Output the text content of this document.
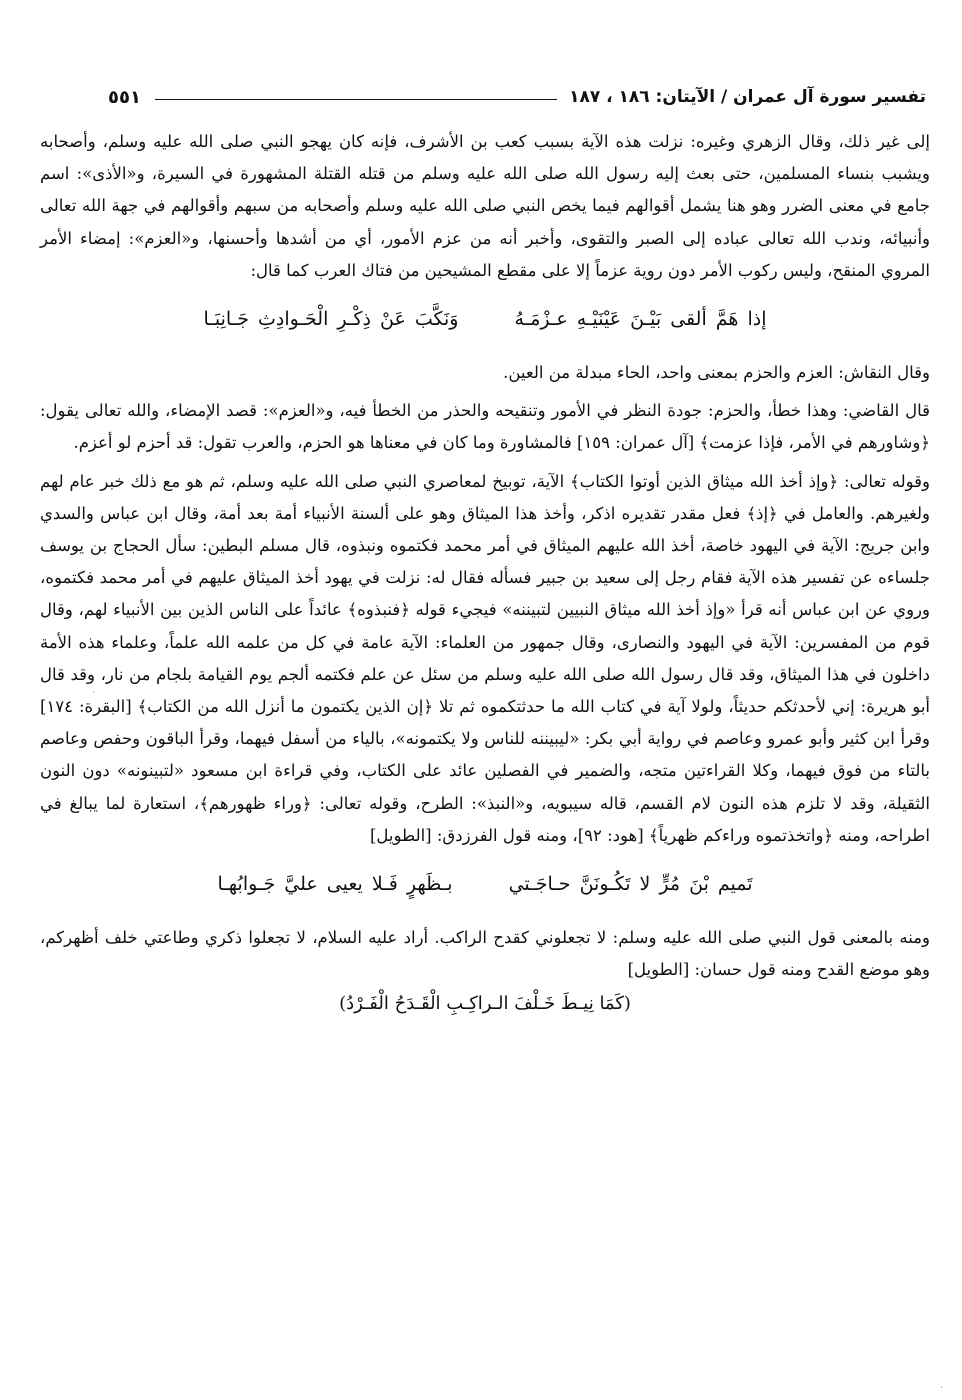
تفسير سورة آل عمران / الآيتان: ١٨٦ ، ١٨٧
٥٥١

إلى غير ذلك، وقال الزهري وغيره: نزلت هذه الآية بسبب كعب بن الأشرف، فإنه كان يهجو النبي صلى الله عليه وسلم، وأصحابه ويشبب بنساء المسلمين، حتى بعث إليه رسول الله صلى الله عليه وسلم من قتله القتلة المشهورة في السيرة، و«الأذى»: اسم جامع في معنى الضرر وهو هنا يشمل أقوالهم فيما يخص النبي صلى الله عليه وسلم وأصحابه من سبهم وأقوالهم في جهة الله تعالى وأنبيائه، وندب الله تعالى عباده إلى الصبر والتقوى، وأخبر أنه من عزم الأمور، أي من أشدها وأحسنها، و«العزم»: إمضاء الأمر المروي المنقح، وليس ركوب الأمر دون روية عزماً إلا على مقطع المشيحين من فتاك العرب كما قال:

إذا هَمَّ ألقى بَيْـنَ عَيْنَيْـهِ عـزْمَـهُوَنَكَّبَ عَنْ ذِكْـرِ الْحَـوادِثِ جَـانِبَـا

وقال النقاش: العزم والحزم بمعنى واحد، الحاء مبدلة من العين.

قال القاضي: وهذا خطأ، والحزم: جودة النظر في الأمور وتنقيحه والحذر من الخطأ فيه، و«العزم»: قصد الإمضاء، والله تعالى يقول: ﴿وشاورهم في الأمر، فإذا عزمت﴾ [آل عمران: ١٥٩] فالمشاورة وما كان في معناها هو الحزم، والعرب تقول: قد أحزم لو أعزم.

وقوله تعالى: ﴿وإذ أخذ الله ميثاق الذين أوتوا الكتاب﴾ الآية، توبيخ لمعاصري النبي صلى الله عليه وسلم، ثم هو مع ذلك خبر عام لهم ولغيرهم. والعامل في ﴿إذ﴾ فعل مقدر تقديره اذكر، وأخذ هذا الميثاق وهو على ألسنة الأنبياء أمة بعد أمة، وقال ابن عباس والسدي وابن جريج: الآية في اليهود خاصة، أخذ الله عليهم الميثاق في أمر محمد فكتموه ونبذوه، قال مسلم البطين: سأل الحجاج بن يوسف جلساءه عن تفسير هذه الآية فقام رجل إلى سعيد بن جبير فسأله فقال له: نزلت في يهود أخذ الميثاق عليهم في أمر محمد فكتموه، وروي عن ابن عباس أنه قرأ «وإذ أخذ الله ميثاق النبيين لتبيننه» فيجيء قوله ﴿فنبذوه﴾ عائداً على الناس الذين بين الأنبياء لهم، وقال قوم من المفسرين: الآية في اليهود والنصارى، وقال جمهور من العلماء: الآية عامة في كل من علمه الله علماً، وعلماء هذه الأمة داخلون في هذا الميثاق، وقد قال رسول الله صلى الله عليه وسلم من سئل عن علم فكتمه ألجم يوم القيامة بلجام من نار، وقد قال أبو هريرة: إني لأحدثكم حديثاً، ولولا آية في كتاب الله ما حدثتكموه ثم تلا ﴿إن الذين يكتمون ما أنزل الله من الكتاب﴾ [البقرة: ١٧٤] وقرأ ابن كثير وأبو عمرو وعاصم في رواية أبي بكر: «ليبيننه للناس ولا يكتمونه»، بالياء من أسفل فيهما، وقرأ الباقون وحفص وعاصم بالتاء من فوق فيهما، وكلا القراءتين متجه، والضمير في الفصلين عائد على الكتاب، وفي قراءة ابن مسعود «لتبينونه» دون النون الثقيلة، وقد لا تلزم هذه النون لام القسم، قاله سيبويه، و«النبذ»: الطرح، وقوله تعالى: ﴿وراء ظهورهم﴾، استعارة لما يبالغ في اطراحه، ومنه ﴿واتخذتموه وراءكم ظهرياً﴾ [هود: ٩٢]، ومنه قول الفرزدق: [الطويل]

تَميم بْنَ مُرٍّ لا تَكُـونَنَّ حـاجَـتيبـظَهرٍ فَـلا يعيى عليَّ جَـوابُهـا

ومنه بالمعنى قول النبي صلى الله عليه وسلم: لا تجعلوني كقدح الراكب. أراد عليه السلام، لا تجعلوا ذكري وطاعتي خلف أظهركم، وهو موضع القدح ومنه قول حسان: [الطويل]

(كَمَا نِيـطَ خَـلْفَ الـراكِـبِ الْقَـدَحُ الْفَـرْدُ)

·
·
